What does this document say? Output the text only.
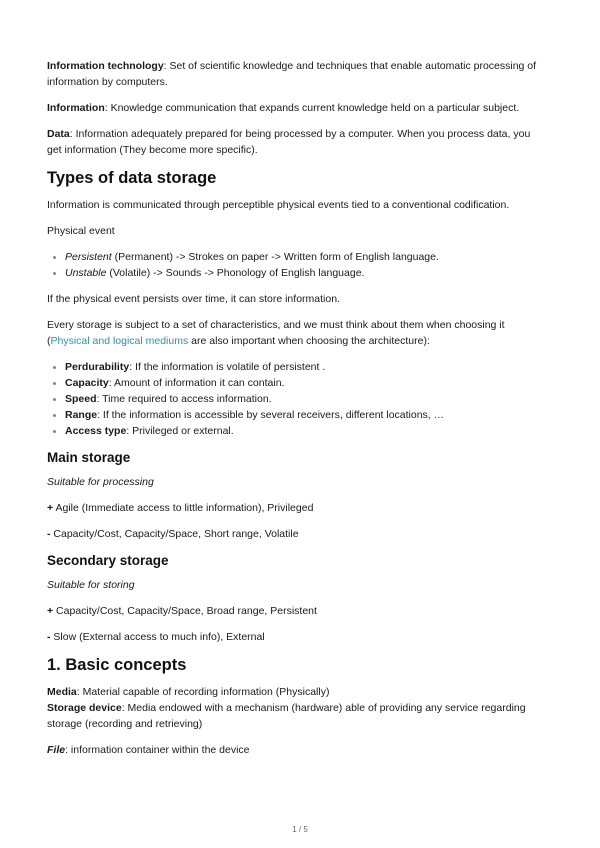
Information technology: Set of scientific knowledge and techniques that enable automatic processing of information by computers.

Information: Knowledge communication that expands current knowledge held on a particular subject.

Data: Information adequately prepared for being processed by a computer. When you process data, you get information (They become more specific).

Types of data storage

Information is communicated through perceptible physical events tied to a conventional codification.

Physical event

Persistent (Permanent) -> Strokes on paper -> Written form of English language.
Unstable (Volatile) -> Sounds -> Phonology of English language.

If the physical event persists over time, it can store information.

Every storage is subject to a set of characteristics, and we must think about them when choosing it (Physical and logical mediums are also important when choosing the architecture):

Perdurability: If the information is volatile of persistent .
Capacity: Amount of information it can contain.
Speed: Time required to access information.
Range: If the information is accessible by several receivers, different locations, …
Access type: Privileged or external.
Main storage

Suitable for processing

+ Agile (Immediate access to little information), Privileged

- Capacity/Cost, Capacity/Space, Short range, Volatile

Secondary storage

Suitable for storing

+ Capacity/Cost, Capacity/Space, Broad range, Persistent

- Slow (External access to much info), External

1. Basic concepts

Media: Material capable of recording information (Physically)

Storage device: Media endowed with a mechanism (hardware) able of providing any service regarding storage (recording and retrieving)

File: information container within the device

1 / 5
